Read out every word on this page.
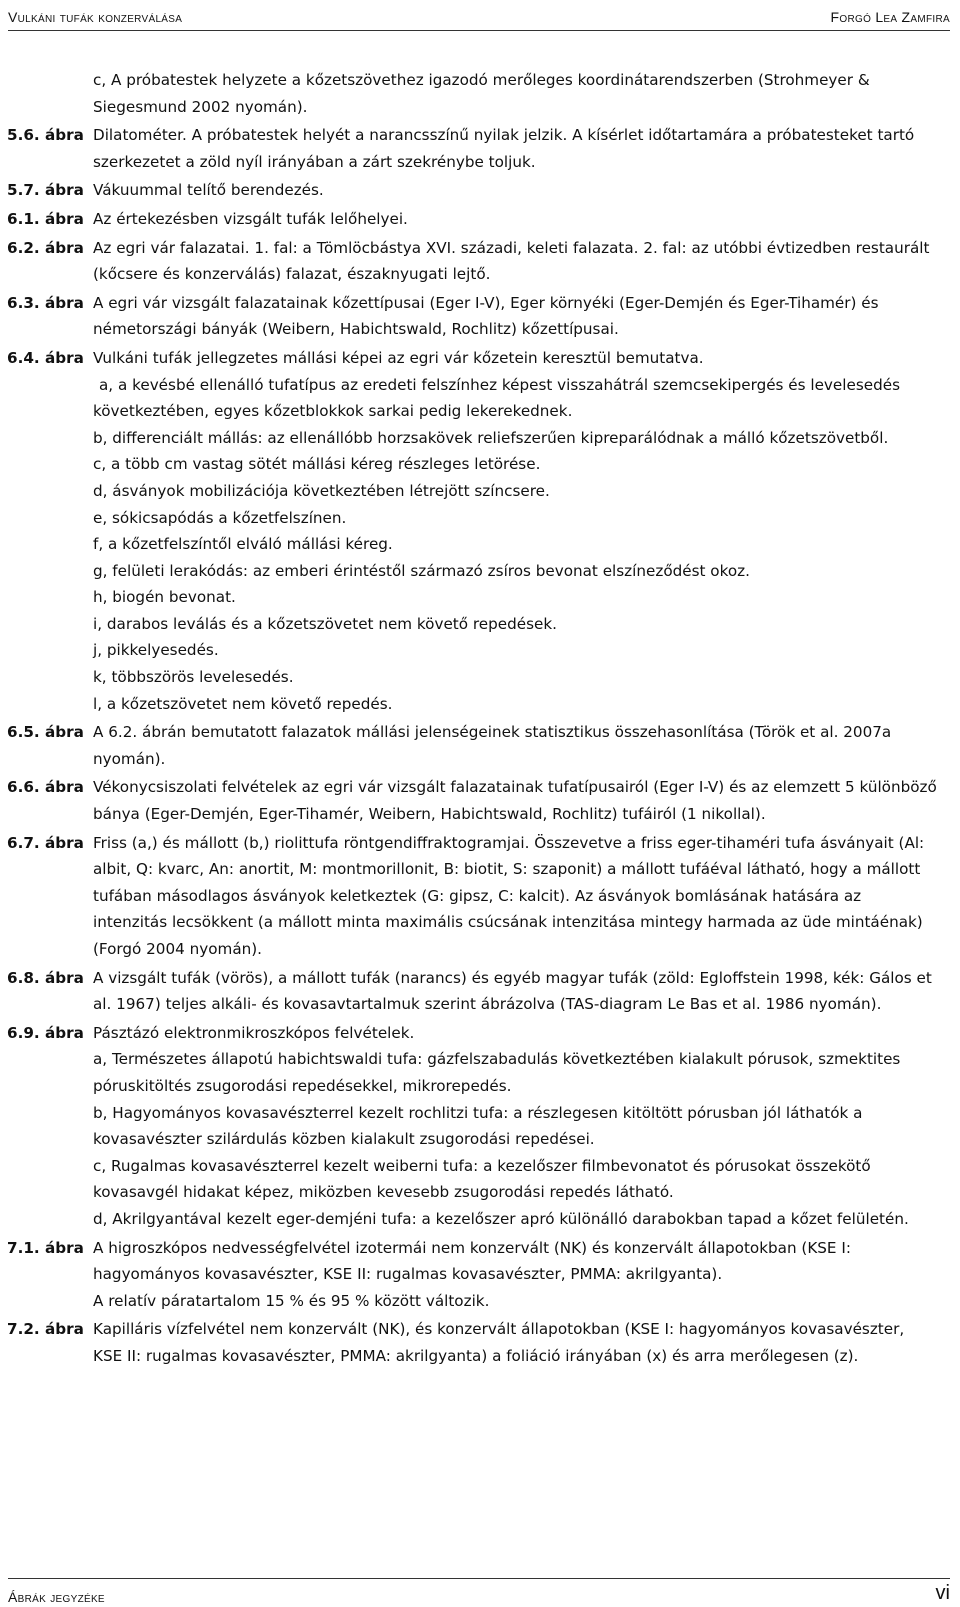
Vulkáni tufák konzerválása	Forgó Lea Zamfira

c, A próbatestek helyzete a kőzetszövethez igazodó merőleges koordinátarendszerben (Strohmeyer & Siegesmund 2002 nyomán).

5.6. ábra Dilatométer. A próbatestek helyét a narancsszínű nyilak jelzik. A kísérlet időtartamára a próbatesteket tartó szerkezetet a zöld nyíl irányában a zárt szekrénybe toljuk.

5.7. ábra Vákuummal telítő berendezés.

6.1. ábra Az értekezésben vizsgált tufák lelőhelyei.

6.2. ábra Az egri vár falazatai. 1. fal: a Tömlöcbástya XVI. századi, keleti falazata. 2. fal: az utóbbi évtizedben restaurált (kőcsere és konzerválás) falazat, északnyugati lejtő.

6.3. ábra A egri vár vizsgált falazatainak kőzettípusai (Eger I-V), Eger környéki (Eger-Demjén és Eger-Tihamér) és németországi bányák (Weibern, Habichtswald, Rochlitz) kőzettípusai.

6.4. ábra Vulkáni tufák jellegzetes mállási képei az egri vár kőzetein keresztül bemutatva.

a, a kevésbé ellenálló tufatípus az eredeti felszínhez képest visszahátrál szemcsekipergés és levelesedés következtében, egyes kőzetblokkok sarkai pedig lekerekednek.

b, differenciált mállás: az ellenállóbb horzsakövek reliefszerűen kipreparálódnak a málló kőzetszövetből.

c, a több cm vastag sötét mállási kéreg részleges letörése.

d, ásványok mobilizációja következtében létrejött színcsere.

e, sókicsapódás a kőzetfelszínen.

f, a kőzetfelszíntől elváló mállási kéreg.

g, felületi lerakódás: az emberi érintéstől származó zsíros bevonat elszíneződést okoz.

h, biogén bevonat.

i, darabos leválás és a kőzetszövetet nem követő repedések.

j, pikkelyesedés.

k, többszörös levelesedés.

l, a kőzetszövetet nem követő repedés.

6.5. ábra A 6.2. ábrán bemutatott falazatok mállási jelenségeinek statisztikus összehasonlítása (Török et al. 2007a nyomán).

6.6. ábra Vékonycsiszolati felvételek az egri vár vizsgált falazatainak tufatípusairól (Eger I-V) és az elemzett 5 különböző bánya (Eger-Demjén, Eger-Tihamér, Weibern, Habichtswald, Rochlitz) tufáiról (1 nikollal).

6.7. ábra Friss (a,) és mállott (b,) riolittufa röntgendiffraktogramjai. Összevetve a friss eger-tihaméri tufa ásványait (Al: albit, Q: kvarc, An: anortit, M: montmorillonit, B: biotit, S: szaponit) a mállott tufáéval látható, hogy a mállott tufában másodlagos ásványok keletkeztek (G: gipsz, C: kalcit). Az ásványok bomlásának hatására az intenzitás lecsökkent (a mállott minta maximális csúcsának intenzitása mintegy harmada az üde mintáénak) (Forgó 2004 nyomán).

6.8. ábra A vizsgált tufák (vörös), a mállott tufák (narancs) és egyéb magyar tufák (zöld: Egloffstein 1998, kék: Gálos et al. 1967) teljes alkáli- és kovasavtartalmuk szerint ábrázolva (TAS-diagram Le Bas et al. 1986 nyomán).

6.9. ábra Pásztázó elektronmikroszkópos felvételek.

a, Természetes állapotú habichtswaldi tufa: gázfelszabadulás következtében kialakult pórusok, szmektites póruskitöltés zsugorodási repedésekkel, mikrorepedés.

b, Hagyományos kovasavészterrel kezelt rochlitzi tufa: a részlegesen kitöltött pórusban jól láthatók a kovasavészter szilárdulás közben kialakult zsugorodási repedései.

c, Rugalmas kovasavészterrel kezelt weiberni tufa: a kezelőszer filmbevonatot és pórusokat összekötő kovasavgél hidakat képez, miközben kevesebb zsugorodási repedés látható.

d, Akrilgyantával kezelt eger-demjéni tufa: a kezelőszer apró különálló darabokban tapad a kőzet felületén.

7.1. ábra A higroszkópos nedvességfelvétel izotermái nem konzervált (NK) és konzervált állapotokban (KSE I: hagyományos kovasavészter, KSE II: rugalmas kovasavészter, PMMA: akrilgyanta).

A relatív páratartalom 15 % és 95 % között változik.

7.2. ábra Kapilláris vízfelvétel nem konzervált (NK), és konzervált állapotokban (KSE I: hagyományos kovasavészter, KSE II: rugalmas kovasavészter, PMMA: akrilgyanta) a foliáció irányában (x) és arra merőlegesen (z).

Ábrák jegyzéke	vi
